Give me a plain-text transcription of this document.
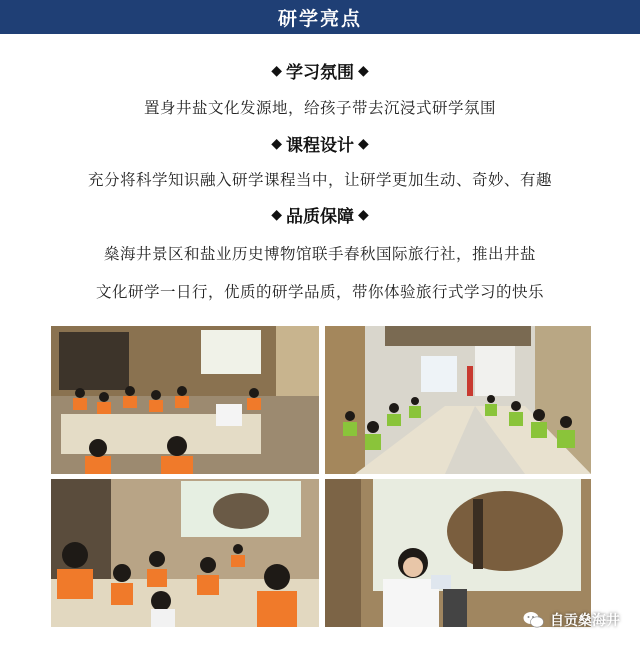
研学亮点
◆ 学习氛围 ◆
置身井盐文化发源地，给孩子带去沉浸式研学氛围
◆ 课程设计 ◆
充分将科学知识融入研学课程当中，让研学更加生动、奇妙、有趣
◆ 品质保障 ◆
燊海井景区和盐业历史博物馆联手春秋国际旅行社，推出井盐
文化研学一日行，优质的研学品质，带你体验旅行式学习的快乐
自贡燊海井
